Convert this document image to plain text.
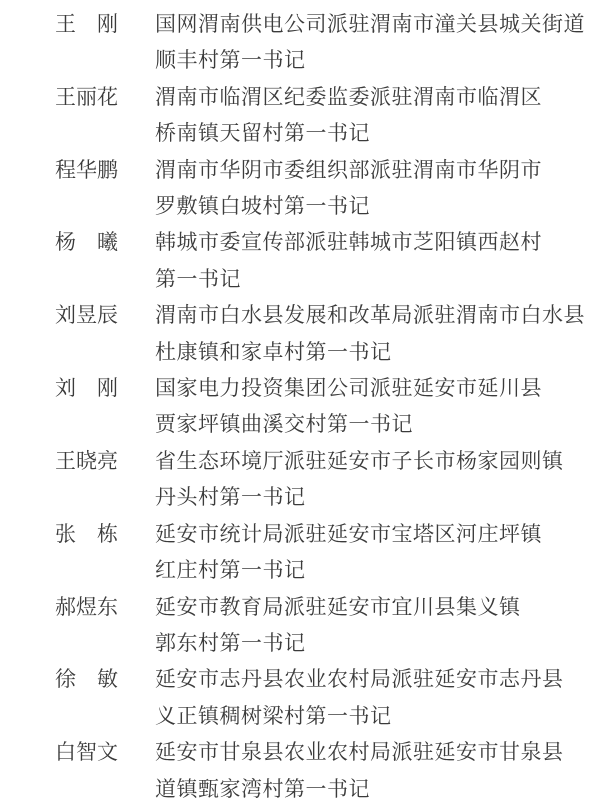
王　刚 国网渭南供电公司派驻渭南市潼关县城关街道
顺丰村第一书记
王丽花 渭南市临渭区纪委监委派驻渭南市临渭区
桥南镇天留村第一书记
程华鹏 渭南市华阴市委组织部派驻渭南市华阴市
罗敷镇白坡村第一书记
杨　曦 韩城市委宣传部派驻韩城市芝阳镇西赵村
第一书记
刘昱辰 渭南市白水县发展和改革局派驻渭南市白水县
杜康镇和家卓村第一书记
刘　刚 国家电力投资集团公司派驻延安市延川县
贾家坪镇曲溪交村第一书记
王晓亮 省生态环境厅派驻延安市子长市杨家园则镇
丹头村第一书记
张　栋 延安市统计局派驻延安市宝塔区河庄坪镇
红庄村第一书记
郝煜东 延安市教育局派驻延安市宜川县集义镇
郭东村第一书记
徐　敏 延安市志丹县农业农村局派驻延安市志丹县
义正镇稠树梁村第一书记
白智文 延安市甘泉县农业农村局派驻延安市甘泉县
道镇甄家湾村第一书记
